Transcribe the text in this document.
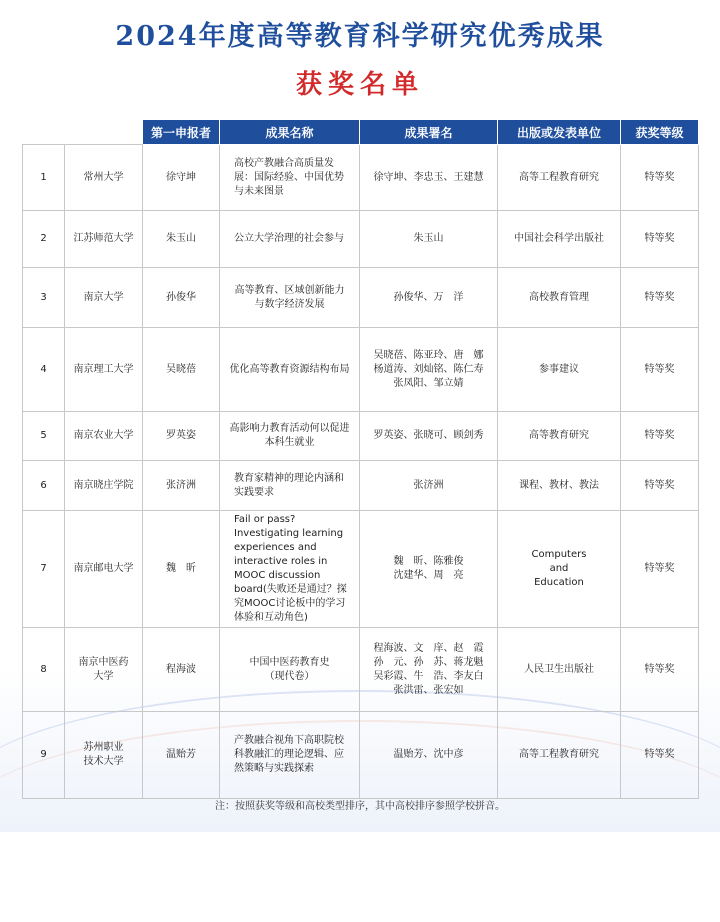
2024年度高等教育科学研究优秀成果
获奖名单
		第一申报者	成果名称	成果署名	出版或发表单位	获奖等级
1	常州大学	徐守坤	高校产教融合高质量发展：国际经验、中国优势与未来图景	徐守坤、李忠玉、王建慧	高等工程教育研究	特等奖
2	江苏师范大学	朱玉山	公立大学治理的社会参与	朱玉山	中国社会科学出版社	特等奖
3	南京大学	孙俊华	高等教育、区域创新能力
与数字经济发展	孙俊华、万　洋	高校教育管理	特等奖
4	南京理工大学	吴晓蓓	优化高等教育资源结构布局	吴晓蓓、陈亚玲、唐　娜
杨道涛、刘灿铭、陈仁寿
张凤阳、邹立婧	参事建议	特等奖
5	南京农业大学	罗英姿	高影响力教育活动何以促进
本科生就业	罗英姿、张晓可、顾剑秀	高等教育研究	特等奖
6	南京晓庄学院	张济洲	教育家精神的理论内涵和实践要求	张济洲	课程、教材、教法	特等奖
7	南京邮电大学	魏　昕	Fail or pass? Investigating learning experiences and interactive roles in MOOC discussion board(失败还是通过？探究MOOC讨论板中的学习体验和互动角色)	魏　昕、陈雅俊
沈建华、周　亮	Computers
and
Education	特等奖
8	南京中医药
大学	程海波	中国中医药教育史
（现代卷）	程海波、文　庠、赵　霞
孙　元、孙　苏、蒋龙魁
吴彩霞、牛　浩、李友白
张洪雷、张宏如	人民卫生出版社	特等奖
9	苏州职业
技术大学	温贻芳	产教融合视角下高职院校科教融汇的理论逻辑、应然策略与实践探索	温贻芳、沈中彦	高等工程教育研究	特等奖

注：按照获奖等级和高校类型排序，其中高校排序参照学校拼音。
